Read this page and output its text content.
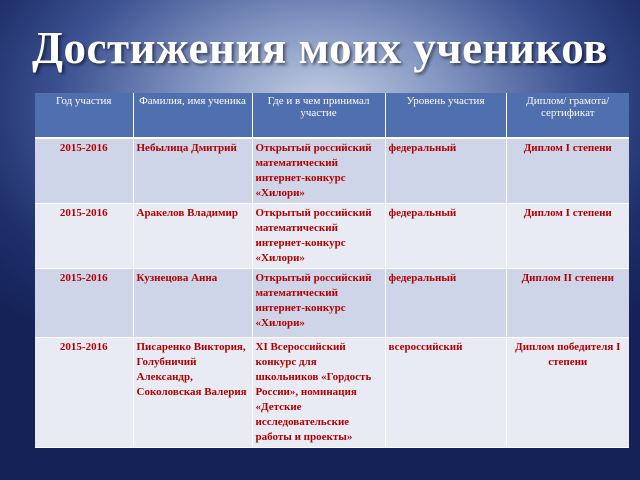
Достижения моих учеников
Год участия	Фамилия, имя ученика	Где и в чем принимал участие	Уровень участия	Диплом/ грамота/ сертификат
2015-2016	Небылица Дмитрий	Открытый российский математический интернет-конкурс «Хилори»	федеральный	Диплом I степени
2015-2016	Аракелов Владимир	Открытый российский математический интернет-конкурс «Хилори»	федеральный	Диплом I степени
2015-2016	Кузнецова Анна	Открытый российский математический интернет-конкурс «Хилори»	федеральный	Диплом II степени
2015-2016	Писаренко Виктория, Голубничий Александр, Соколовская Валерия	XI Всероссийский конкурс для школьников «Гордость России», номинация «Детские исследовательские работы и проекты»	всероссийский	Диплом победителя I степени
